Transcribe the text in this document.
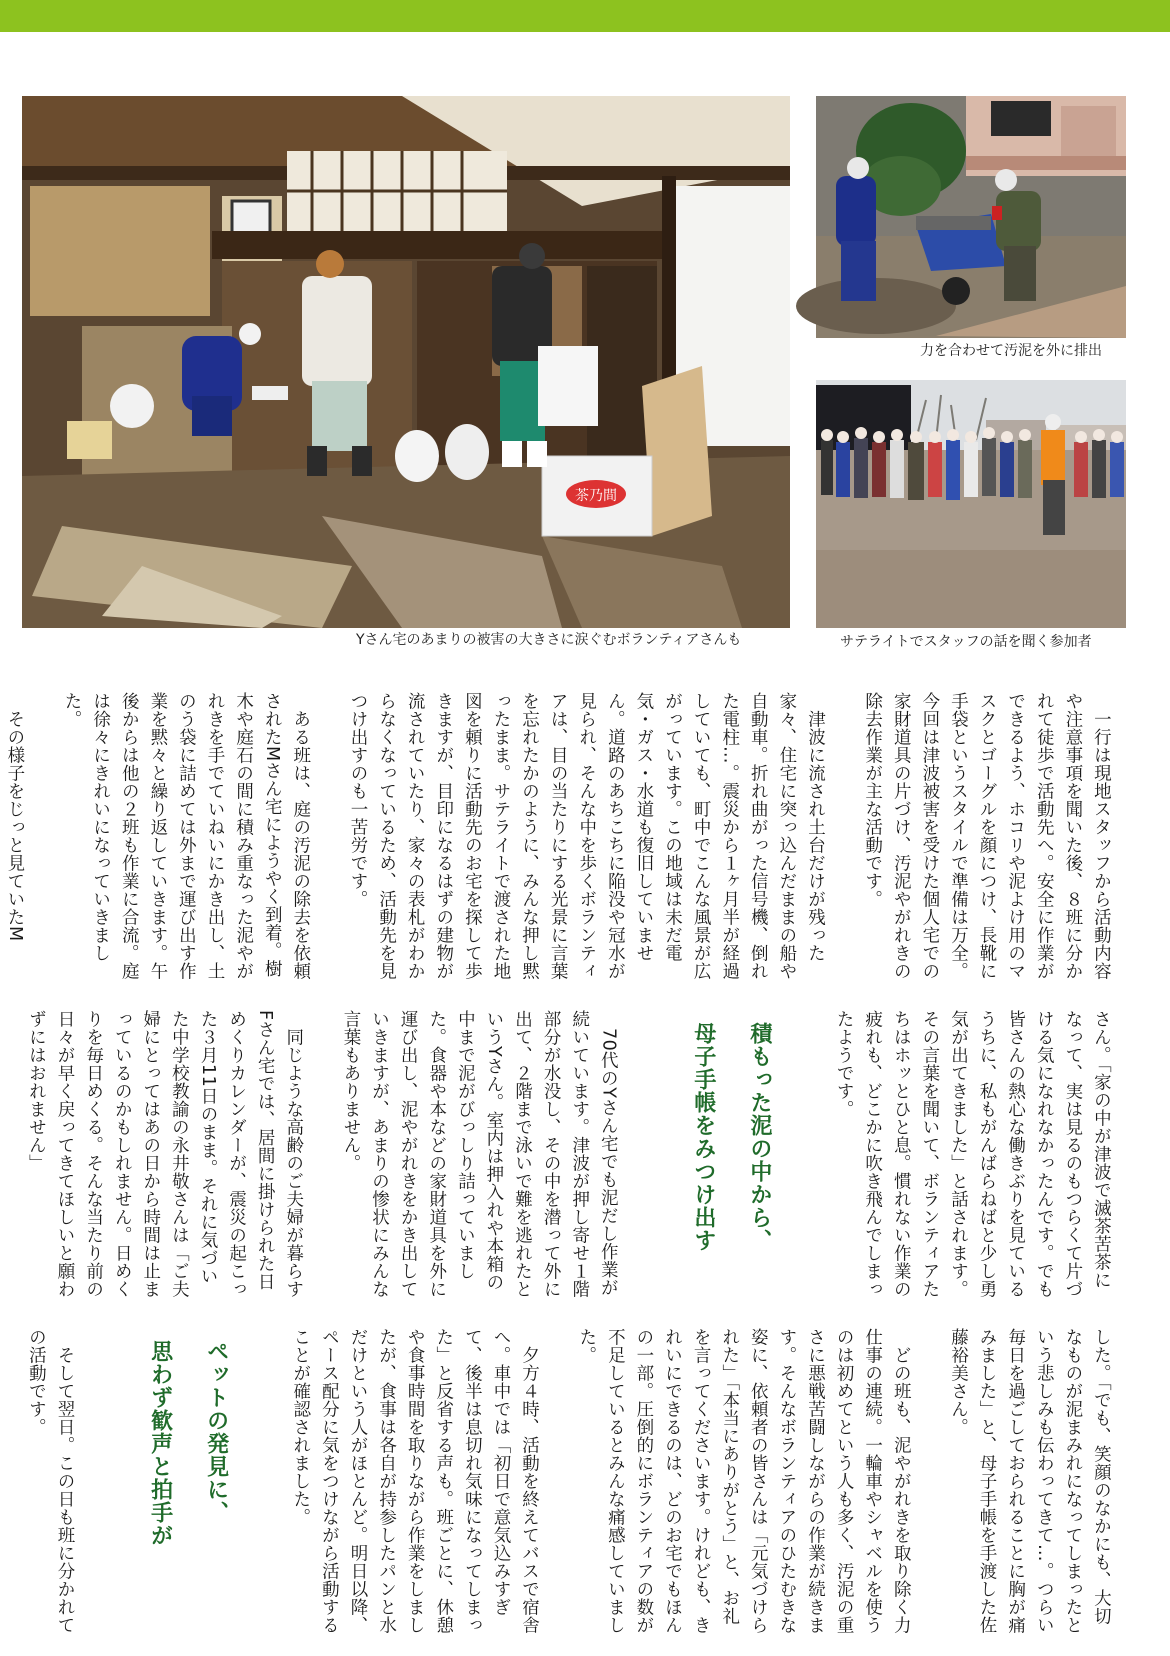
茶乃間
Yさん宅のあまりの被害の大きさに涙ぐむボランティアさんも
力を合わせて汚泥を外に排出
サテライトでスタッフの話を聞く参加者

　一行は現地スタッフから活動内容や注意事項を聞いた後、８班に分かれて徒歩で活動先へ。安全に作業ができるよう、ホコリや泥よけ用のマスクとゴーグルを顔につけ、長靴に手袋というスタイルで準備は万全。今回は津波被害を受けた個人宅での家財道具の片づけ、汚泥やがれきの除去作業が主な活動です。

　津波に流され土台だけが残った家々、住宅に突っ込んだままの船や自動車。折れ曲がった信号機、倒れた電柱…。震災から１ヶ月半が経過していても、町中でこんな風景が広がっています。この地域は未だ電気・ガス・水道も復旧していません。道路のあちこちに陥没や冠水が見られ、そんな中を歩くボランティアは、目の当たりにする光景に言葉を忘れたかのように、みんな押し黙ったまま。サテライトで渡された地図を頼りに活動先のお宅を探して歩きますが、目印になるはずの建物が流されていたり、家々の表札がわからなくなっているため、活動先を見つけ出すのも一苦労です。

　ある班は、庭の汚泥の除去を依頼されたMさん宅にようやく到着。樹木や庭石の間に積み重なった泥やがれきを手でていねいにかき出し、土のう袋に詰めては外まで運び出す作業を黙々と繰り返していきます。午後からは他の２班も作業に合流。庭は徐々にきれいになっていきました。

　その様子をじっと見ていたM

さん。「家の中が津波で滅茶苦茶になって、実は見るのもつらくて片づける気になれなかったんです。でも皆さんの熱心な働きぶりを見ているうちに、私もがんばらねばと少し勇気が出てきました」と話されます。その言葉を聞いて、ボランティアたちはホッとひと息。慣れない作業の疲れも、どこかに吹き飛んでしまったようです。

積もった泥の中から、

母子手帳をみつけ出す

　70代のYさん宅でも泥だし作業が続いています。津波が押し寄せ１階部分が水没し、その中を潜って外に出て、２階まで泳いで難を逃れたというYさん。室内は押入れや本箱の中まで泥がびっしり詰っていました。食器や本などの家財道具を外に運び出し、泥やがれきをかき出していきますが、あまりの惨状にみんな言葉もありません。

　同じような高齢のご夫婦が暮らすFさん宅では、居間に掛けられた日めくりカレンダーが、震災の起こった３月11日のまま。それに気づいた中学校教諭の永井敬さんは「ご夫婦にとってはあの日から時間は止まっているのかもしれません。日めくりを毎日めくる。そんな当たり前の日々が早く戻ってきてほしいと願わずにはおれません」

した。「でも、笑顔のなかにも、大切なものが泥まみれになってしまったという悲しみも伝わってきて…。つらい毎日を過ごしておられることに胸が痛みました」と、母子手帳を手渡した佐藤裕美さん。

　どの班も、泥やがれきを取り除く力仕事の連続。一輪車やシャベルを使うのは初めてという人も多く、汚泥の重さに悪戦苦闘しながらの作業が続きます。そんなボランティアのひたむきな姿に、依頼者の皆さんは「元気づけられた」「本当にありがとう」と、お礼を言ってくださいます。けれども、きれいにできるのは、どのお宅でもほんの一部。圧倒的にボランティアの数が不足しているとみんな痛感していました。

　夕方４時、活動を終えてバスで宿舎へ。車中では「初日で意気込みすぎて、後半は息切れ気味になってしまった」と反省する声も。班ごとに、休憩や食事時間を取りながら作業をしましたが、食事は各自が持参したパンと水だけという人がほとんど。明日以降、ペース配分に気をつけながら活動することが確認されました。

ペットの発見に、

思わず歓声と拍手が

　そして翌日。この日も班に分かれての活動です。
